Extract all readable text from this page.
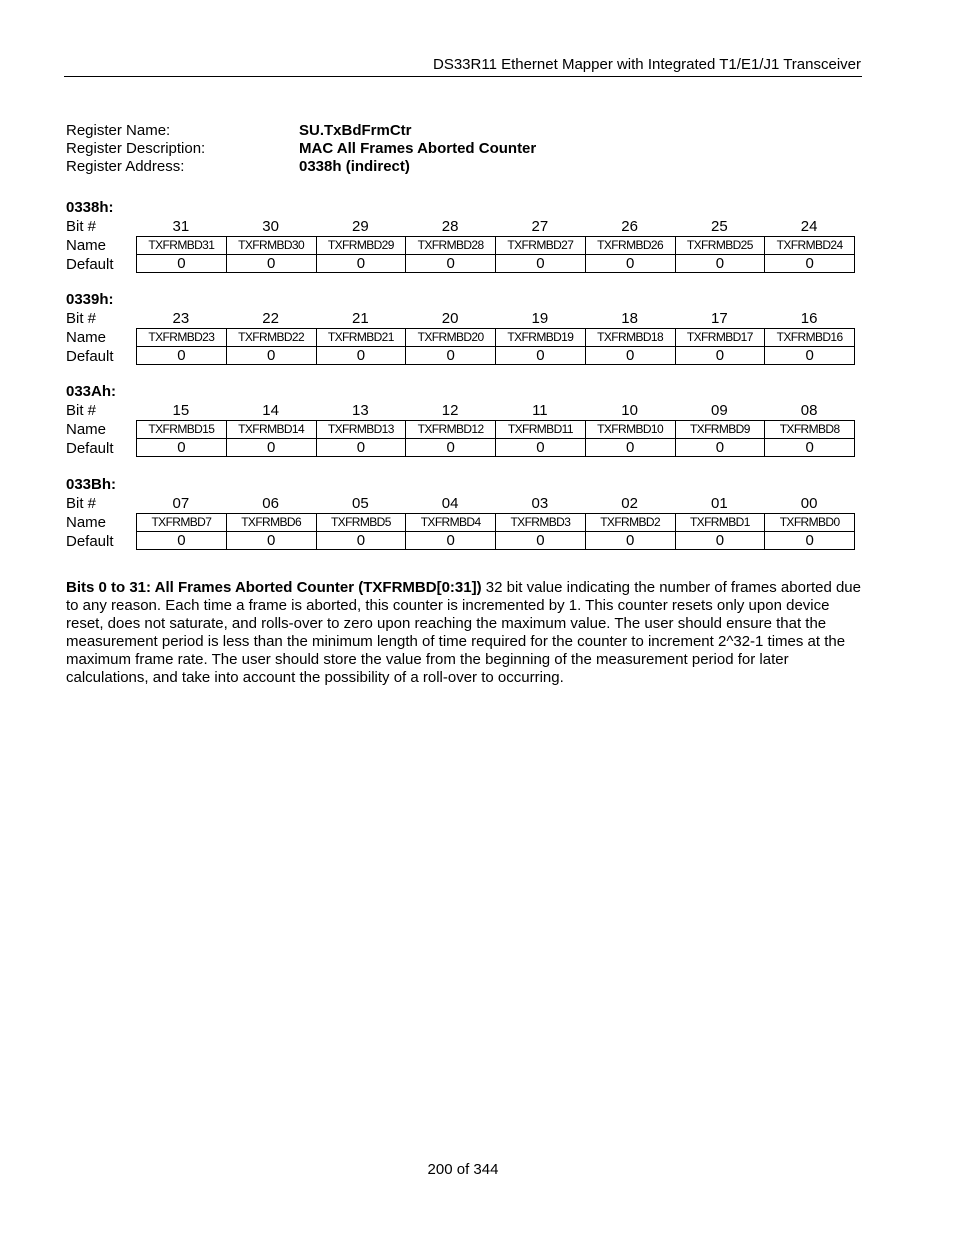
DS33R11 Ethernet Mapper with Integrated T1/E1/J1 Transceiver
Register Name:	SU.TxBdFrmCtr
Register Description:	MAC All Frames Aborted Counter
Register Address:	0338h (indirect)
0338h:
Bit #	31	30	29	28	27	26	25	24
Name	TXFRMBD31	TXFRMBD30	TXFRMBD29	TXFRMBD28	TXFRMBD27	TXFRMBD26	TXFRMBD25	TXFRMBD24
Default	0	0	0	0	0	0	0	0
0339h:
Bit #	23	22	21	20	19	18	17	16
Name	TXFRMBD23	TXFRMBD22	TXFRMBD21	TXFRMBD20	TXFRMBD19	TXFRMBD18	TXFRMBD17	TXFRMBD16
Default	0	0	0	0	0	0	0	0
033Ah:
Bit #	15	14	13	12	11	10	09	08
Name	TXFRMBD15	TXFRMBD14	TXFRMBD13	TXFRMBD12	TXFRMBD11	TXFRMBD10	TXFRMBD9	TXFRMBD8
Default	0	0	0	0	0	0	0	0
033Bh:
Bit #	07	06	05	04	03	02	01	00
Name	TXFRMBD7	TXFRMBD6	TXFRMBD5	TXFRMBD4	TXFRMBD3	TXFRMBD2	TXFRMBD1	TXFRMBD0
Default	0	0	0	0	0	0	0	0
Bits 0 to 31: All Frames Aborted Counter (TXFRMBD[0:31]) 32 bit value indicating the number of frames aborted due to any reason. Each time a frame is aborted, this counter is incremented by 1. This counter resets only upon device reset, does not saturate, and rolls-over to zero upon reaching the maximum value. The user should ensure that the measurement period is less than the minimum length of time required for the counter to increment 2^32-1 times at the maximum frame rate. The user should store the value from the beginning of the measurement period for later calculations, and take into account the possibility of a roll-over to occurring.
200 of 344
